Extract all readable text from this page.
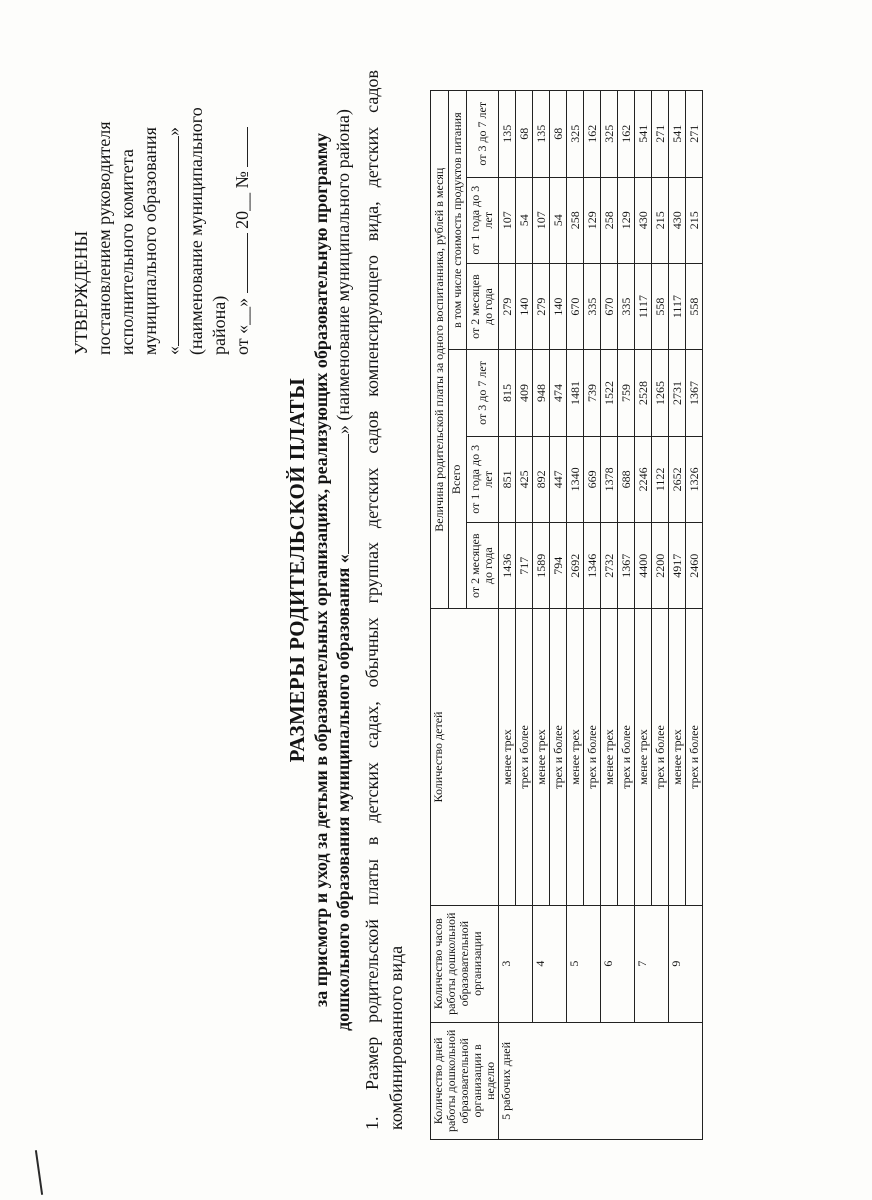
УТВЕРЖДЕНЫ постановлением руководителя исполнительного комитета муниципального образования «» (наименование муниципального района) от «__»  20__ №
РАЗМЕРЫ РОДИТЕЛЬСКОЙ ПЛАТЫ за присмотр и уход за детьми в образовательных организациях, реализующих образовательную программу дошкольного образования муниципального образования «» (наименование муниципального района)
1.Размер родительской платы в детских садах, обычных группах детских садов компенсирующего вида, детских садов комбинированного вида Количество дней работы дошкольной образовательной организации в неделю	Количество часов работы дошкольной образовательной организации	Количество детей	Величина родительской платы за одного воспитанника, рублей в месяц					
			Всего			в том числе стоимость продуктов питания		
			от 2 месяцев до года	от 1 года до 3 лет	от 3 до 7 лет	от 2 месяцев до года	от 1 года до 3 лет	от 3 до 7 лет
5 рабочих дней	3	менее трех	1436	851	815	279	107	135
		трех и более	717	425	409	140	54	68
	4	менее трех	1589	892	948	279	107	135
		трех и более	794	447	474	140	54	68
	5	менее трех	2692	1340	1481	670	258	325
		трех и более	1346	669	739	335	129	162
	6	менее трех	2732	1378	1522	670	258	325
		трех и более	1367	688	759	335	129	162
	7	менее трех	4400	2246	2528	1117	430	541
		трех и более	2200	1122	1265	558	215	271
	9	менее трех	4917	2652	2731	1117	430	541
		трех и более	2460	1326	1367	558	215	271
